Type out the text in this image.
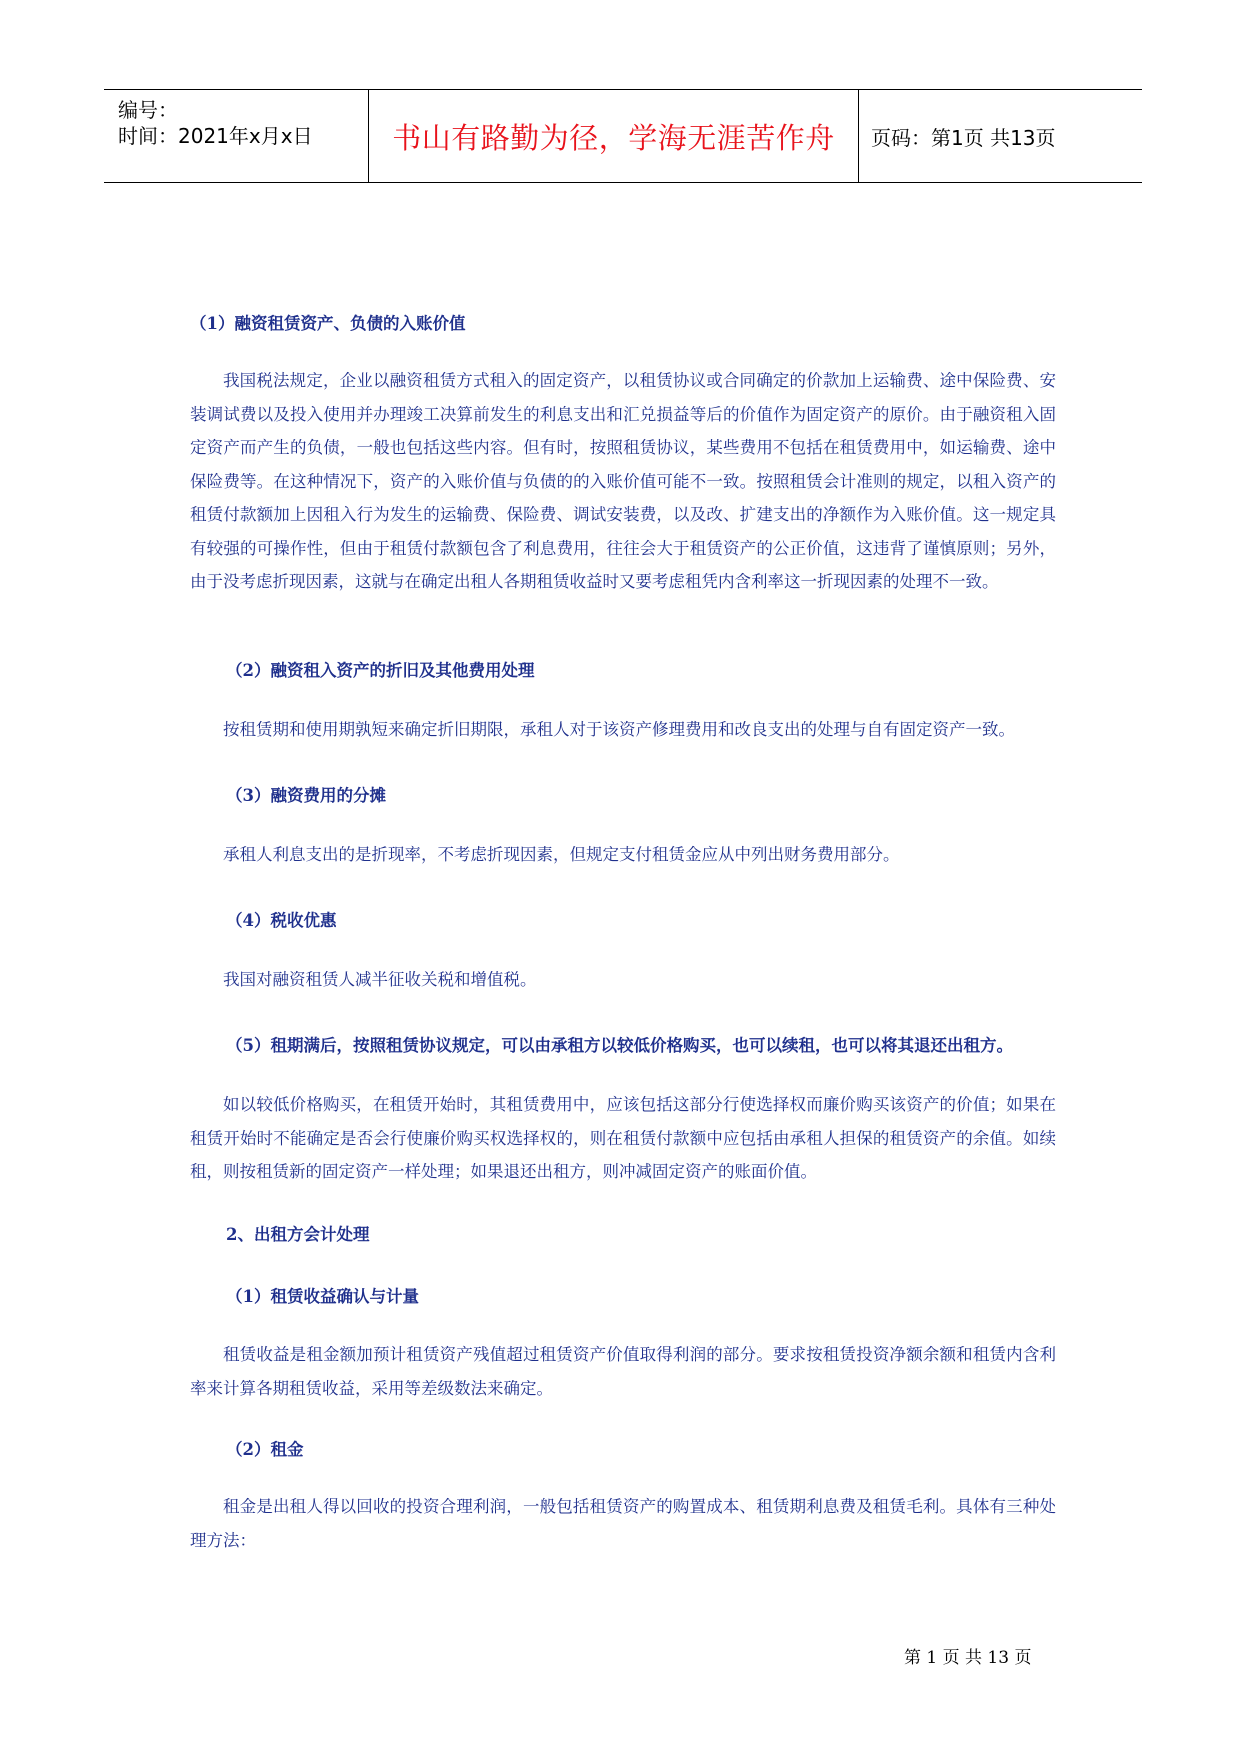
编号：
时间：2021年x月x日	书山有路勤为径，学海无涯苦作舟 页码：第1页 共13页
（1）融资租赁资产、负债的入账价值
我国税法规定，企业以融资租赁方式租入的固定资产，以租赁协议或合同确定的价款加上运输费、途中保险费、安装调试费以及投入使用并办理竣工决算前发生的利息支出和汇兑损益等后的价值作为固定资产的原价。由于融资租入固定资产而产生的负债，一般也包括这些内容。但有时，按照租赁协议，某些费用不包括在租赁费用中，如运输费、途中保险费等。在这种情况下，资产的入账价值与负债的的入账价值可能不一致。按照租赁会计准则的规定，以租入资产的租赁付款额加上因租入行为发生的运输费、保险费、调试安装费，以及改、扩建支出的净额作为入账价值。这一规定具有较强的可操作性，但由于租赁付款额包含了利息费用，往往会大于租赁资产的公正价值，这违背了谨慎原则；另外，由于没考虑折现因素，这就与在确定出租人各期租赁收益时又要考虑租凭内含利率这一折现因素的处理不一致。
（2）融资租入资产的折旧及其他费用处理
按租赁期和使用期孰短来确定折旧期限，承租人对于该资产修理费用和改良支出的处理与自有固定资产一致。
（3）融资费用的分摊
承租人利息支出的是折现率，不考虑折现因素，但规定支付租赁金应从中列出财务费用部分。
（4）税收优惠
我国对融资租赁人减半征收关税和增值税。
（5）租期满后，按照租赁协议规定，可以由承租方以较低价格购买，也可以续租，也可以将其退还出租方。
如以较低价格购买，在租赁开始时，其租赁费用中，应该包括这部分行使选择权而廉价购买该资产的价值；如果在租赁开始时不能确定是否会行使廉价购买权选择权的，则在租赁付款额中应包括由承租人担保的租赁资产的余值。如续租，则按租赁新的固定资产一样处理；如果退还出租方，则冲减固定资产的账面价值。
2、出租方会计处理
（1）租赁收益确认与计量
租赁收益是租金额加预计租赁资产残值超过租赁资产价值取得利润的部分。要求按租赁投资净额余额和租赁内含利率来计算各期租赁收益，采用等差级数法来确定。
（2）租金
租金是出租人得以回收的投资合理利润，一般包括租赁资产的购置成本、租赁期利息费及租赁毛利。具体有三种处理方法：
第 1 页 共 13 页
